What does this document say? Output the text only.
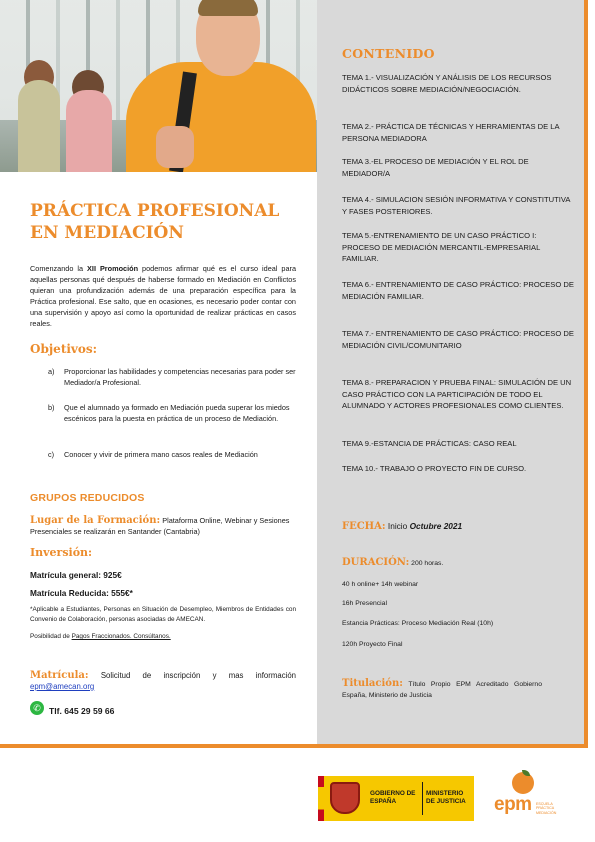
PRÁCTICA PROFESIONAL
EN MEDIACIÓN
Comenzando la XII Promoción podemos afirmar qué es el curso ideal para aquellas personas qué después de haberse formado en Mediación en Conflictos quieran una profundización además de una preparación específica para la Práctica profesional. Ese salto, que en ocasiones, es necesario poder contar con una supervisión y apoyo así como la oportunidad de realizar prácticas en casos reales.
Objetivos:
a) Proporcionar las habilidades y competencias necesarias para poder ser Mediador/a Profesional.
b) Que el alumnado ya formado en Mediación pueda superar los miedos escénicos para la puesta en práctica de un proceso de Mediación.
c) Conocer y vivir de primera mano casos reales de Mediación
GRUPOS REDUCIDOS
Lugar de la Formación: Plataforma Online, Webinar y Sesiones Presenciales se realizarán en Santander (Cantabria)
Inversión:
Matrícula general: 925€
Matrícula Reducida: 555€*
*Aplicable a Estudiantes, Personas en Situación de Desempleo, Miembros de Entidades con Convenio de Colaboración, personas asociadas de AMECAN.
Posibilidad de Pagos Fraccionados. Consúltanos.
Matrícula: Solicitud de inscripción y mas información epm@amecan.org
✆ Tlf. 645 29 59 66
CONTENIDO
TEMA 1.- VISUALIZACIÓN Y ANÁLISIS DE LOS RECURSOS DIDÁCTICOS SOBRE MEDIACIÓN/NEGOCIACIÓN.
TEMA 2.- PRÁCTICA DE TÉCNICAS Y HERRAMIENTAS DE LA PERSONA MEDIADORA
TEMA 3.-EL PROCESO DE MEDIACIÓN Y EL ROL DE MEDIADOR/A
TEMA 4.- SIMULACION SESIÓN INFORMATIVA Y CONSTITUTIVA Y FASES POSTERIORES.
TEMA 5.-ENTRENAMIENTO DE UN CASO PRÁCTICO I: PROCESO DE MEDIACIÓN MERCANTIL-EMPRESARIAL FAMILIAR.
TEMA 6.- ENTRENAMIENTO DE CASO PRÁCTICO: PROCESO DE MEDIACIÓN FAMILIAR.
TEMA 7.- ENTRENAMIENTO DE CASO PRÁCTICO: PROCESO DE MEDIACIÓN CIVIL/COMUNITARIO
TEMA 8.- PREPARACION Y PRUEBA FINAL: SIMULACIÓN DE UN CASO PRÁCTICO CON LA PARTICIPACIÓN DE TODO EL ALUMNADO Y ACTORES PROFESIONALES COMO CLIENTES.
TEMA 9.-ESTANCIA DE PRÁCTICAS: CASO REAL
TEMA 10.- TRABAJO O PROYECTO FIN DE CURSO.
FECHA: Inicio Octubre 2021
DURACIÓN: 200 horas.
40 h online+ 14h webinar
16h Presencial
Estancia Prácticas: Proceso Mediación Real (10h)
120h Proyecto Final
Titulación: Título Propio EPM Acreditado Gobierno España, Ministerio de Justicia
GOBIERNO DE ESPAÑA
MINISTERIO DE JUSTICIA	epm ESCUELA PRÁCTICA MEDIACIÓN
